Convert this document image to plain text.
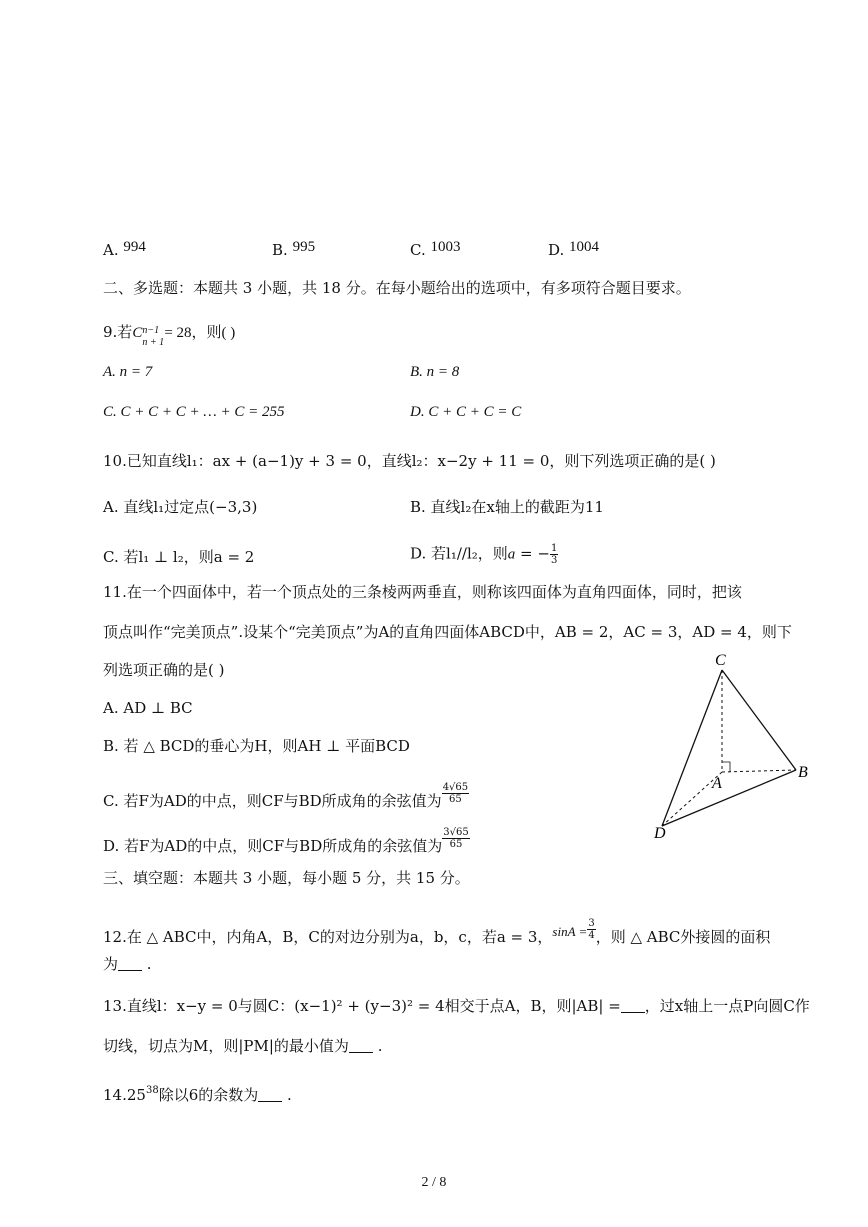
A. 994	B. 995	C. 1003	D. 1004
二、多选题：本题共 3 小题，共 18 分。在每小题给出的选项中，有多项符合题目要求。
9.若C n−1
n + 1
= 28，则( )
A. n = 7	B. n = 8
C. C + C + C + … + C = 255	D. C + C + C = C
10.已知直线l₁：ax + (a−1)y + 3 = 0，直线l₂：x−2y + 11 = 0，则下列选项正确的是( )
A. 直线l₁过定点(−3,3)	B. 直线l₂在x轴上的截距为11
C. 若l₁ ⊥ l₂，则a = 2	D. 若l₁//l₂，则a = − $\frac{1}{3}$
11.在一个四面体中，若一个顶点处的三条棱两两垂直，则称该四面体为直角四面体，同时，把该
顶点叫作“完美顶点”.设某个“完美顶点”为A的直角四面体ABCD中，AB = 2，AC = 3，AD = 4，则下
列选项正确的是( )
A. AD ⊥ BC
B. 若 △ BCD的垂心为H，则AH ⊥ 平面BCD
C. 若F为AD的中点，则CF与BD所成角的余弦值为 $\frac{4√65}{65}$
D. 若F为AD的中点，则CF与BD所成角的余弦值为 $\frac{3√65}{65}$
C
A
B
D
三、填空题：本题共 3 小题，每小题 5 分，共 15 分。
12.在 △ ABC中，内角A，B，C的对边分别为a，b，c，若a = 3，$\sin A = \frac{3}{4}$ ，则 △ ABC外接圆的面积
为 .
13.直线l：x−y = 0与圆C：(x−1)² + (y−3)² = 4相交于点A，B，则|AB| = ，过x轴上一点P向圆C作
切线，切点为M，则|PM|的最小值为 .
14.25$^{38}$除以6的余数为 .
2 / 8
